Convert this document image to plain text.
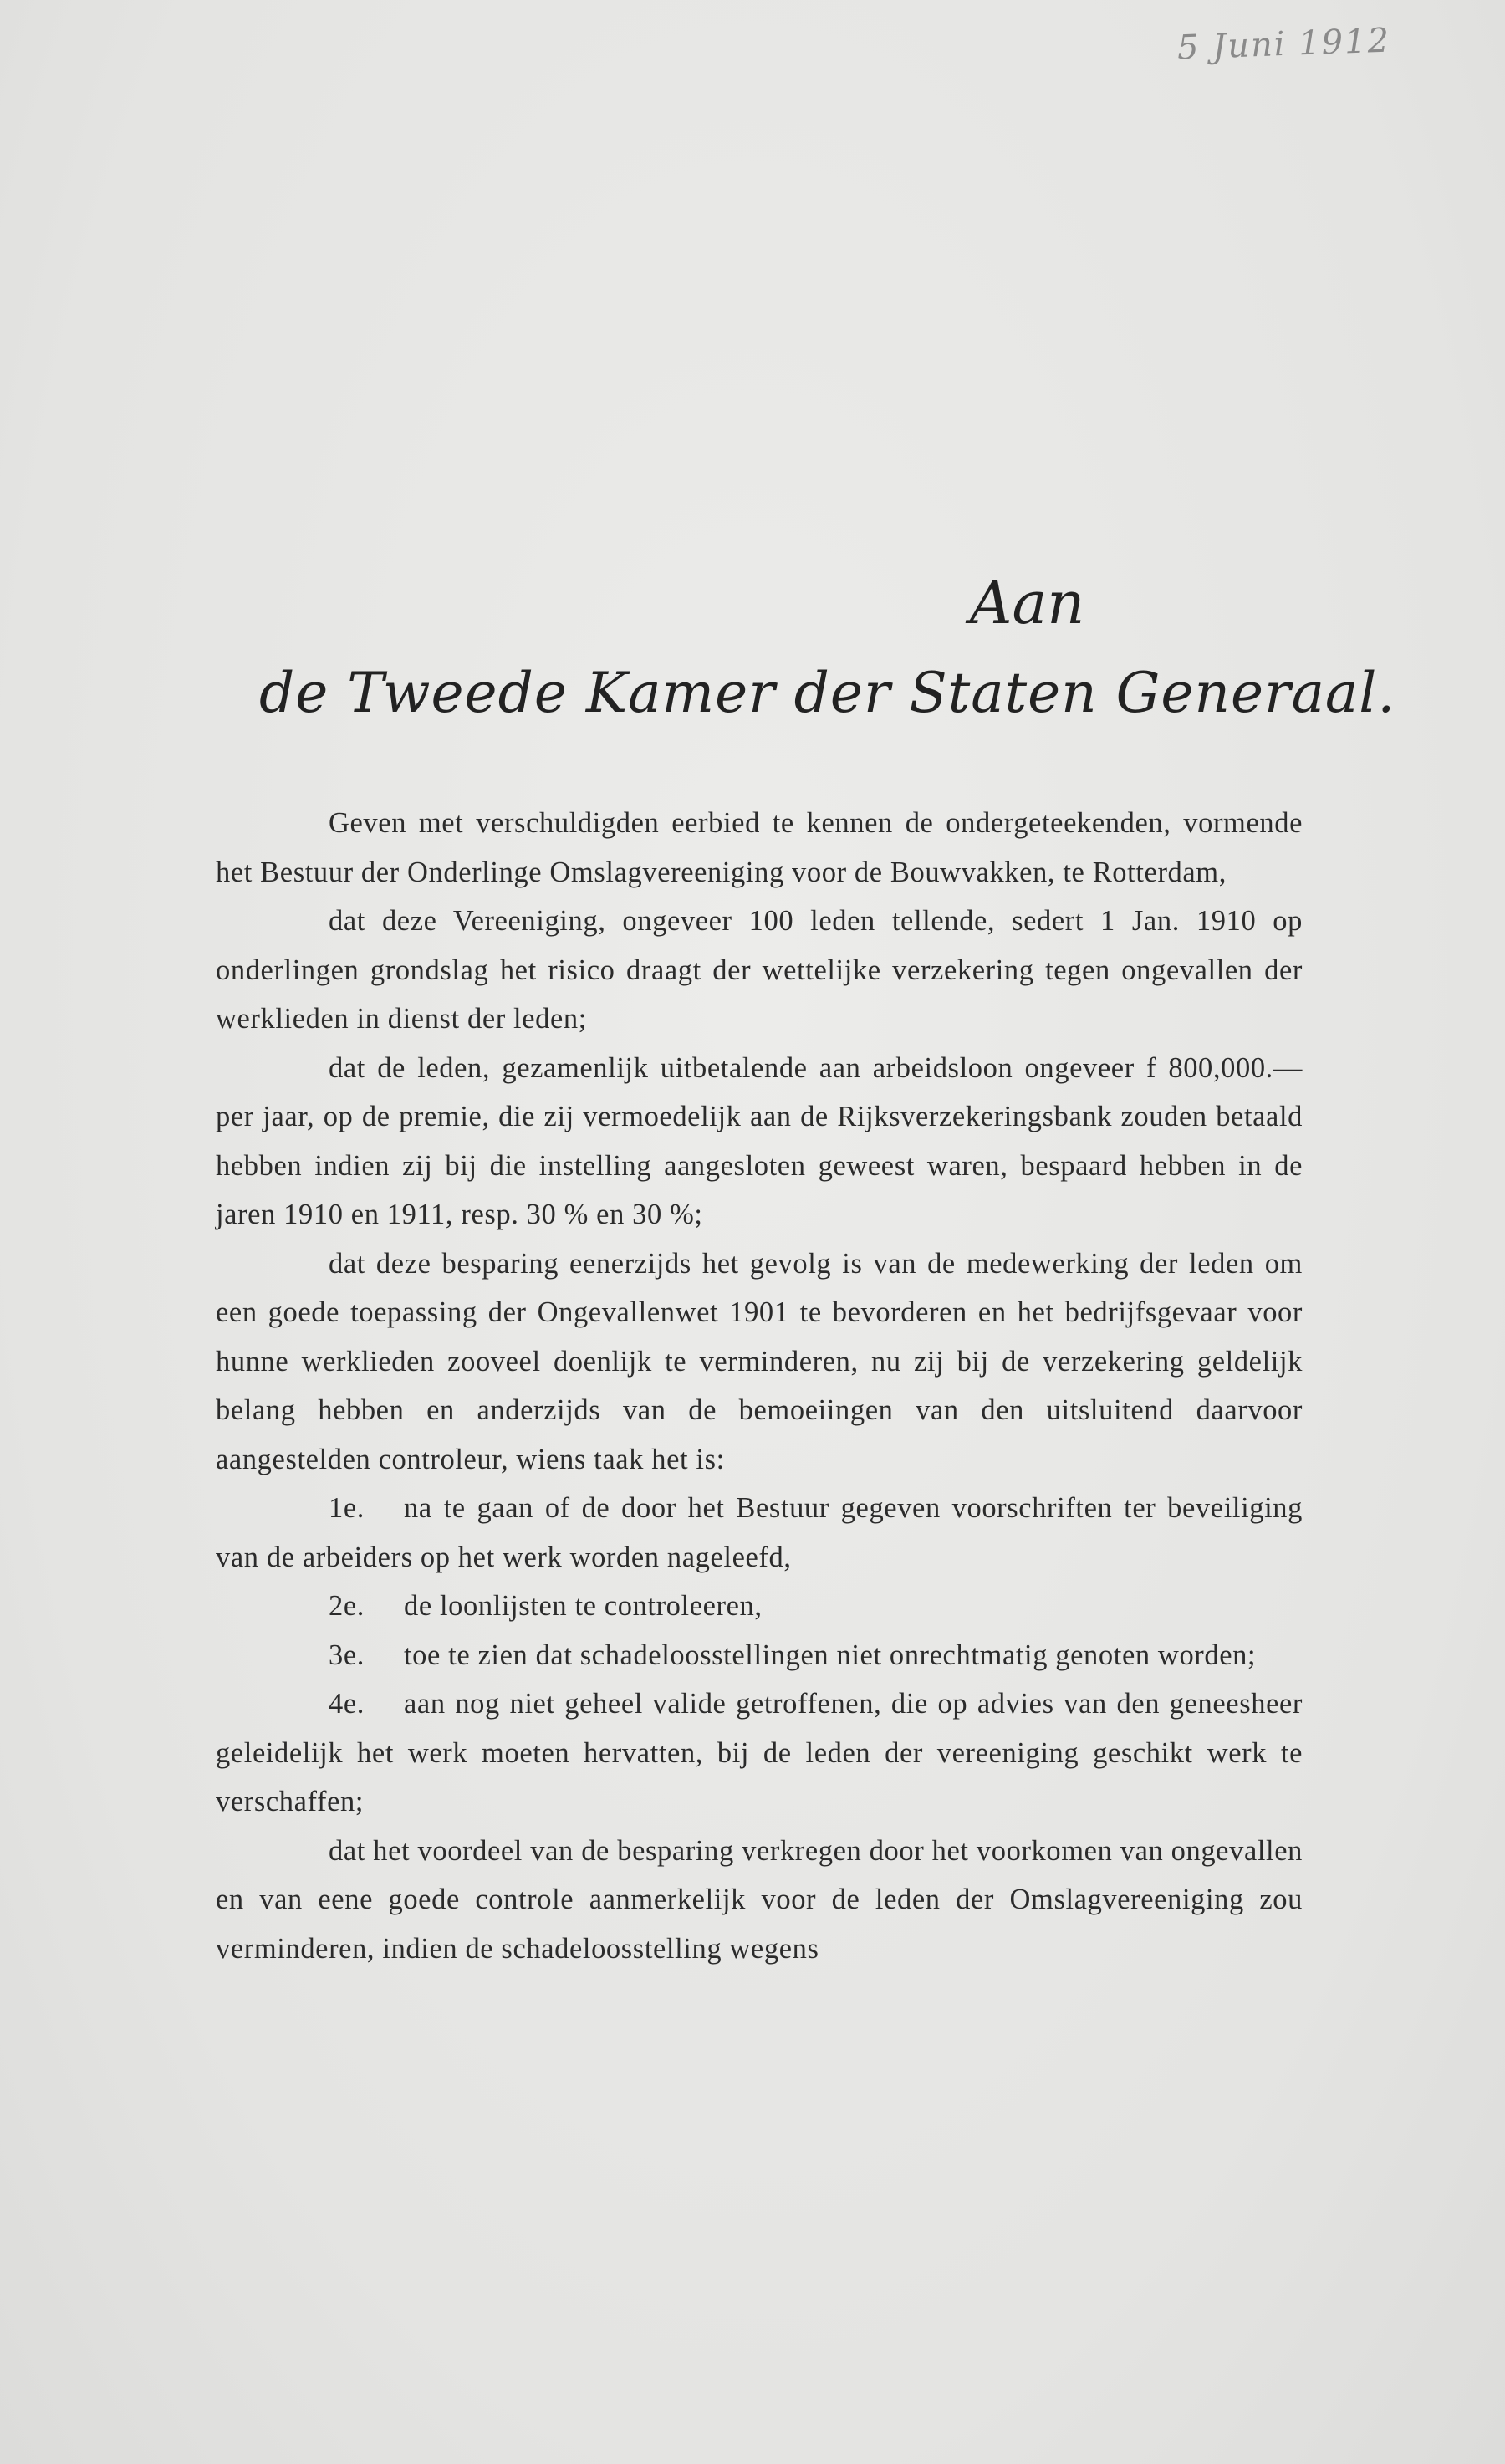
5 Juni 1912
Aan
de Tweede Kamer der Staten Generaal.

Geven met verschuldigden eerbied te kennen de ondergeteekenden, vormende het Bestuur der Onderlinge Omslagvereeniging voor de Bouwvakken, te Rotterdam,

dat deze Vereeniging, ongeveer 100 leden tellende, sedert 1 Jan. 1910 op onderlingen grondslag het risico draagt der wettelijke verzekering tegen ongevallen der werklieden in dienst der leden;

dat de leden, gezamenlijk uitbetalende aan arbeidsloon ongeveer f 800,000.— per jaar, op de premie, die zij vermoedelijk aan de Rijksverzekeringsbank zouden betaald hebben indien zij bij die instelling aangesloten geweest waren, bespaard hebben in de jaren 1910 en 1911, resp. 30 % en 30 %;

dat deze besparing eenerzijds het gevolg is van de medewerking der leden om een goede toepassing der Ongevallenwet 1901 te bevorderen en het bedrijfsgevaar voor hunne werklieden zooveel doenlijk te verminderen, nu zij bij de verzekering geldelijk belang hebben en anderzijds van de bemoeiingen van den uitsluitend daarvoor aangestelden controleur, wiens taak het is:

1e. na te gaan of de door het Bestuur gegeven voorschriften ter beveiliging van de arbeiders op het werk worden nageleefd,

2e. de loonlijsten te controleeren,

3e. toe te zien dat schadeloosstellingen niet onrechtmatig genoten worden;

4e. aan nog niet geheel valide getroffenen, die op advies van den geneesheer geleidelijk het werk moeten hervatten, bij de leden der vereeniging geschikt werk te verschaffen;

dat het voordeel van de besparing verkregen door het voorkomen van ongevallen en van eene goede controle aanmerkelijk voor de leden der Omslagvereeniging zou verminderen, indien de schadeloosstelling wegens
